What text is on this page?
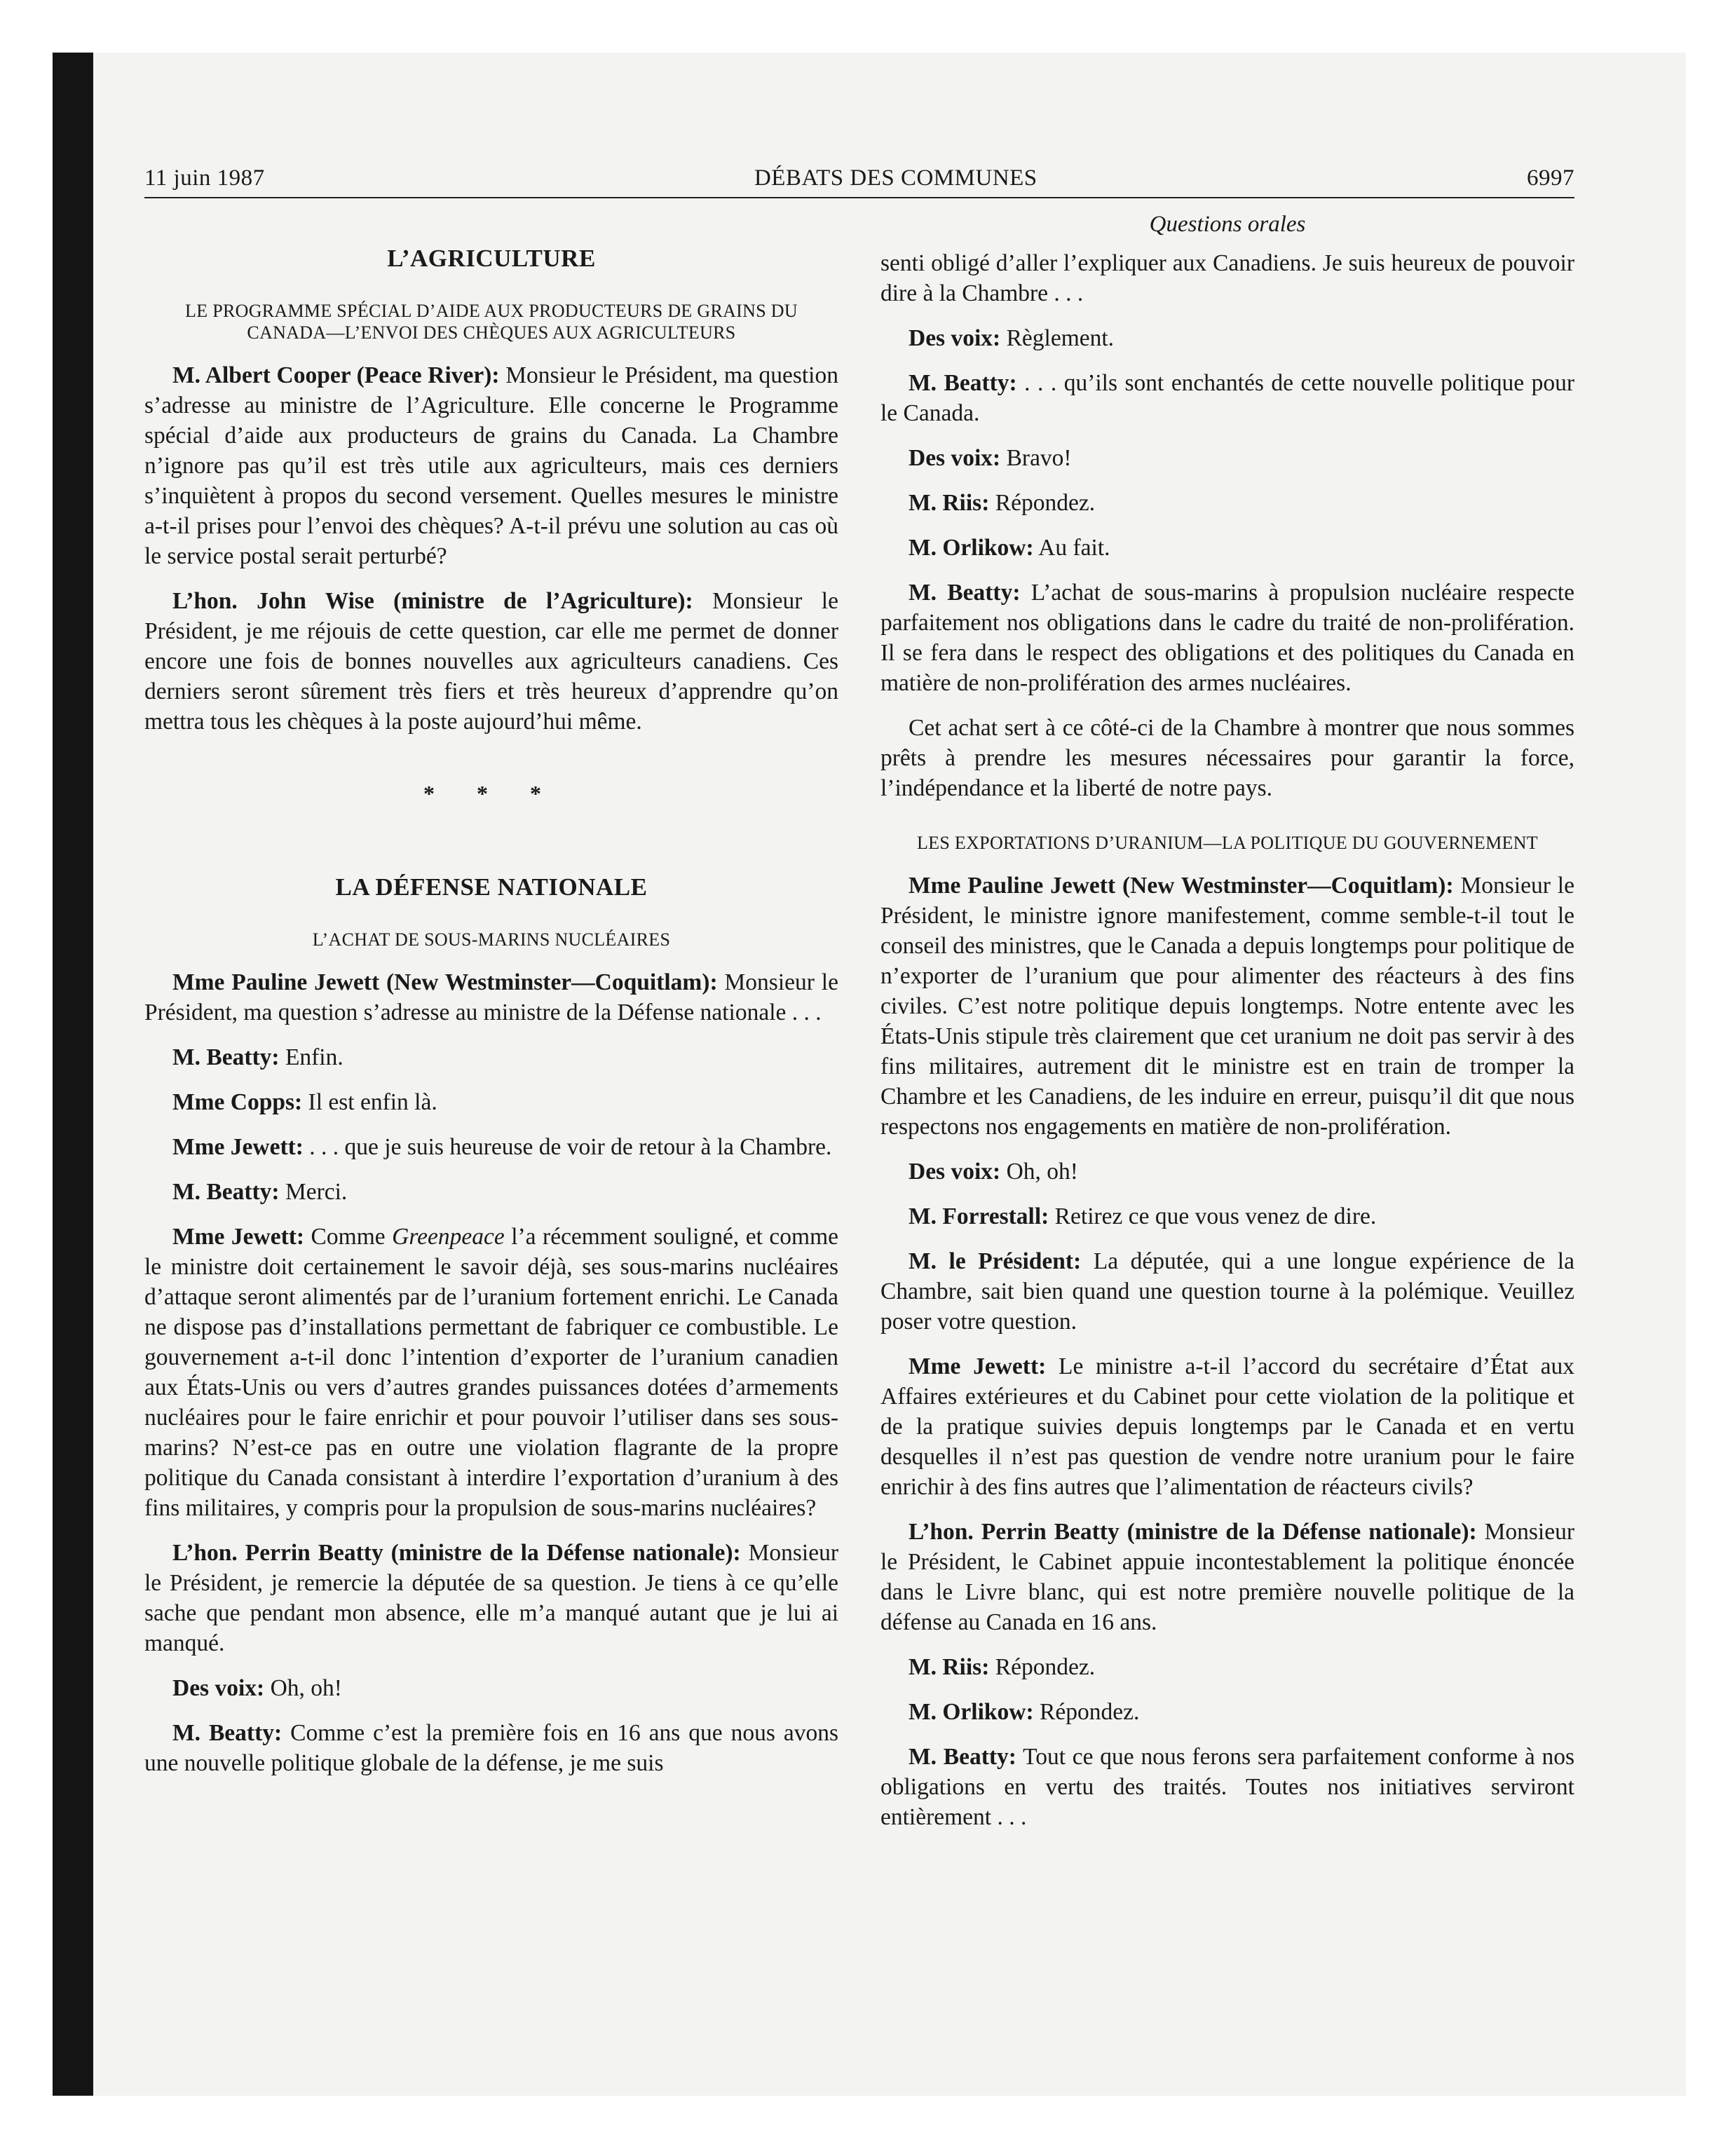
11 juin 1987	DÉBATS DES COMMUNES	6997
L’AGRICULTURE
LE PROGRAMME SPÉCIAL D’AIDE AUX PRODUCTEURS DE GRAINS DU CANADA—L’ENVOI DES CHÈQUES AUX AGRICULTEURS

M. Albert Cooper (Peace River): Monsieur le Président, ma question s’adresse au ministre de l’Agriculture. Elle concerne le Programme spécial d’aide aux producteurs de grains du Canada. La Chambre n’ignore pas qu’il est très utile aux agriculteurs, mais ces derniers s’inquiètent à propos du second versement. Quelles mesures le ministre a-t-il prises pour l’envoi des chèques? A-t-il prévu une solution au cas où le service postal serait perturbé?

L’hon. John Wise (ministre de l’Agriculture): Monsieur le Président, je me réjouis de cette question, car elle me permet de donner encore une fois de bonnes nouvelles aux agriculteurs canadiens. Ces derniers seront sûrement très fiers et très heureux d’apprendre qu’on mettra tous les chèques à la poste aujourd’hui même.

* * *
LA DÉFENSE NATIONALE
L’ACHAT DE SOUS-MARINS NUCLÉAIRES

Mme Pauline Jewett (New Westminster—Coquitlam): Monsieur le Président, ma question s’adresse au ministre de la Défense nationale . . .

M. Beatty: Enfin.

Mme Copps: Il est enfin là.

Mme Jewett: . . . que je suis heureuse de voir de retour à la Chambre.

M. Beatty: Merci.

Mme Jewett: Comme Greenpeace l’a récemment souligné, et comme le ministre doit certainement le savoir déjà, ses sous-marins nucléaires d’attaque seront alimentés par de l’uranium fortement enrichi. Le Canada ne dispose pas d’installations permettant de fabriquer ce combustible. Le gouvernement a-t-il donc l’intention d’exporter de l’uranium canadien aux États-Unis ou vers d’autres grandes puissances dotées d’armements nucléaires pour le faire enrichir et pour pouvoir l’utiliser dans ses sous-marins? N’est-ce pas en outre une violation flagrante de la propre politique du Canada consistant à interdire l’exportation d’uranium à des fins militaires, y compris pour la propulsion de sous-marins nucléaires?

L’hon. Perrin Beatty (ministre de la Défense nationale): Monsieur le Président, je remercie la députée de sa question. Je tiens à ce qu’elle sache que pendant mon absence, elle m’a manqué autant que je lui ai manqué.

Des voix: Oh, oh!

M. Beatty: Comme c’est la première fois en 16 ans que nous avons une nouvelle politique globale de la défense, je me suis

Questions orales

senti obligé d’aller l’expliquer aux Canadiens. Je suis heureux de pouvoir dire à la Chambre . . .

Des voix: Règlement.

M. Beatty: . . . qu’ils sont enchantés de cette nouvelle politique pour le Canada.

Des voix: Bravo!

M. Riis: Répondez.

M. Orlikow: Au fait.

M. Beatty: L’achat de sous-marins à propulsion nucléaire respecte parfaitement nos obligations dans le cadre du traité de non-prolifération. Il se fera dans le respect des obligations et des politiques du Canada en matière de non-prolifération des armes nucléaires.

Cet achat sert à ce côté-ci de la Chambre à montrer que nous sommes prêts à prendre les mesures nécessaires pour garantir la force, l’indépendance et la liberté de notre pays.

LES EXPORTATIONS D’URANIUM—LA POLITIQUE DU GOUVERNEMENT

Mme Pauline Jewett (New Westminster—Coquitlam): Monsieur le Président, le ministre ignore manifestement, comme semble-t-il tout le conseil des ministres, que le Canada a depuis longtemps pour politique de n’exporter de l’uranium que pour alimenter des réacteurs à des fins civiles. C’est notre politique depuis longtemps. Notre entente avec les États-Unis stipule très clairement que cet uranium ne doit pas servir à des fins militaires, autrement dit le ministre est en train de tromper la Chambre et les Canadiens, de les induire en erreur, puisqu’il dit que nous respectons nos engagements en matière de non-prolifération.

Des voix: Oh, oh!

M. Forrestall: Retirez ce que vous venez de dire.

M. le Président: La députée, qui a une longue expérience de la Chambre, sait bien quand une question tourne à la polémique. Veuillez poser votre question.

Mme Jewett: Le ministre a-t-il l’accord du secrétaire d’État aux Affaires extérieures et du Cabinet pour cette violation de la politique et de la pratique suivies depuis longtemps par le Canada et en vertu desquelles il n’est pas question de vendre notre uranium pour le faire enrichir à des fins autres que l’alimentation de réacteurs civils?

L’hon. Perrin Beatty (ministre de la Défense nationale): Monsieur le Président, le Cabinet appuie incontestablement la politique énoncée dans le Livre blanc, qui est notre première nouvelle politique de la défense au Canada en 16 ans.

M. Riis: Répondez.

M. Orlikow: Répondez.

M. Beatty: Tout ce que nous ferons sera parfaitement conforme à nos obligations en vertu des traités. Toutes nos initiatives serviront entièrement . . .
